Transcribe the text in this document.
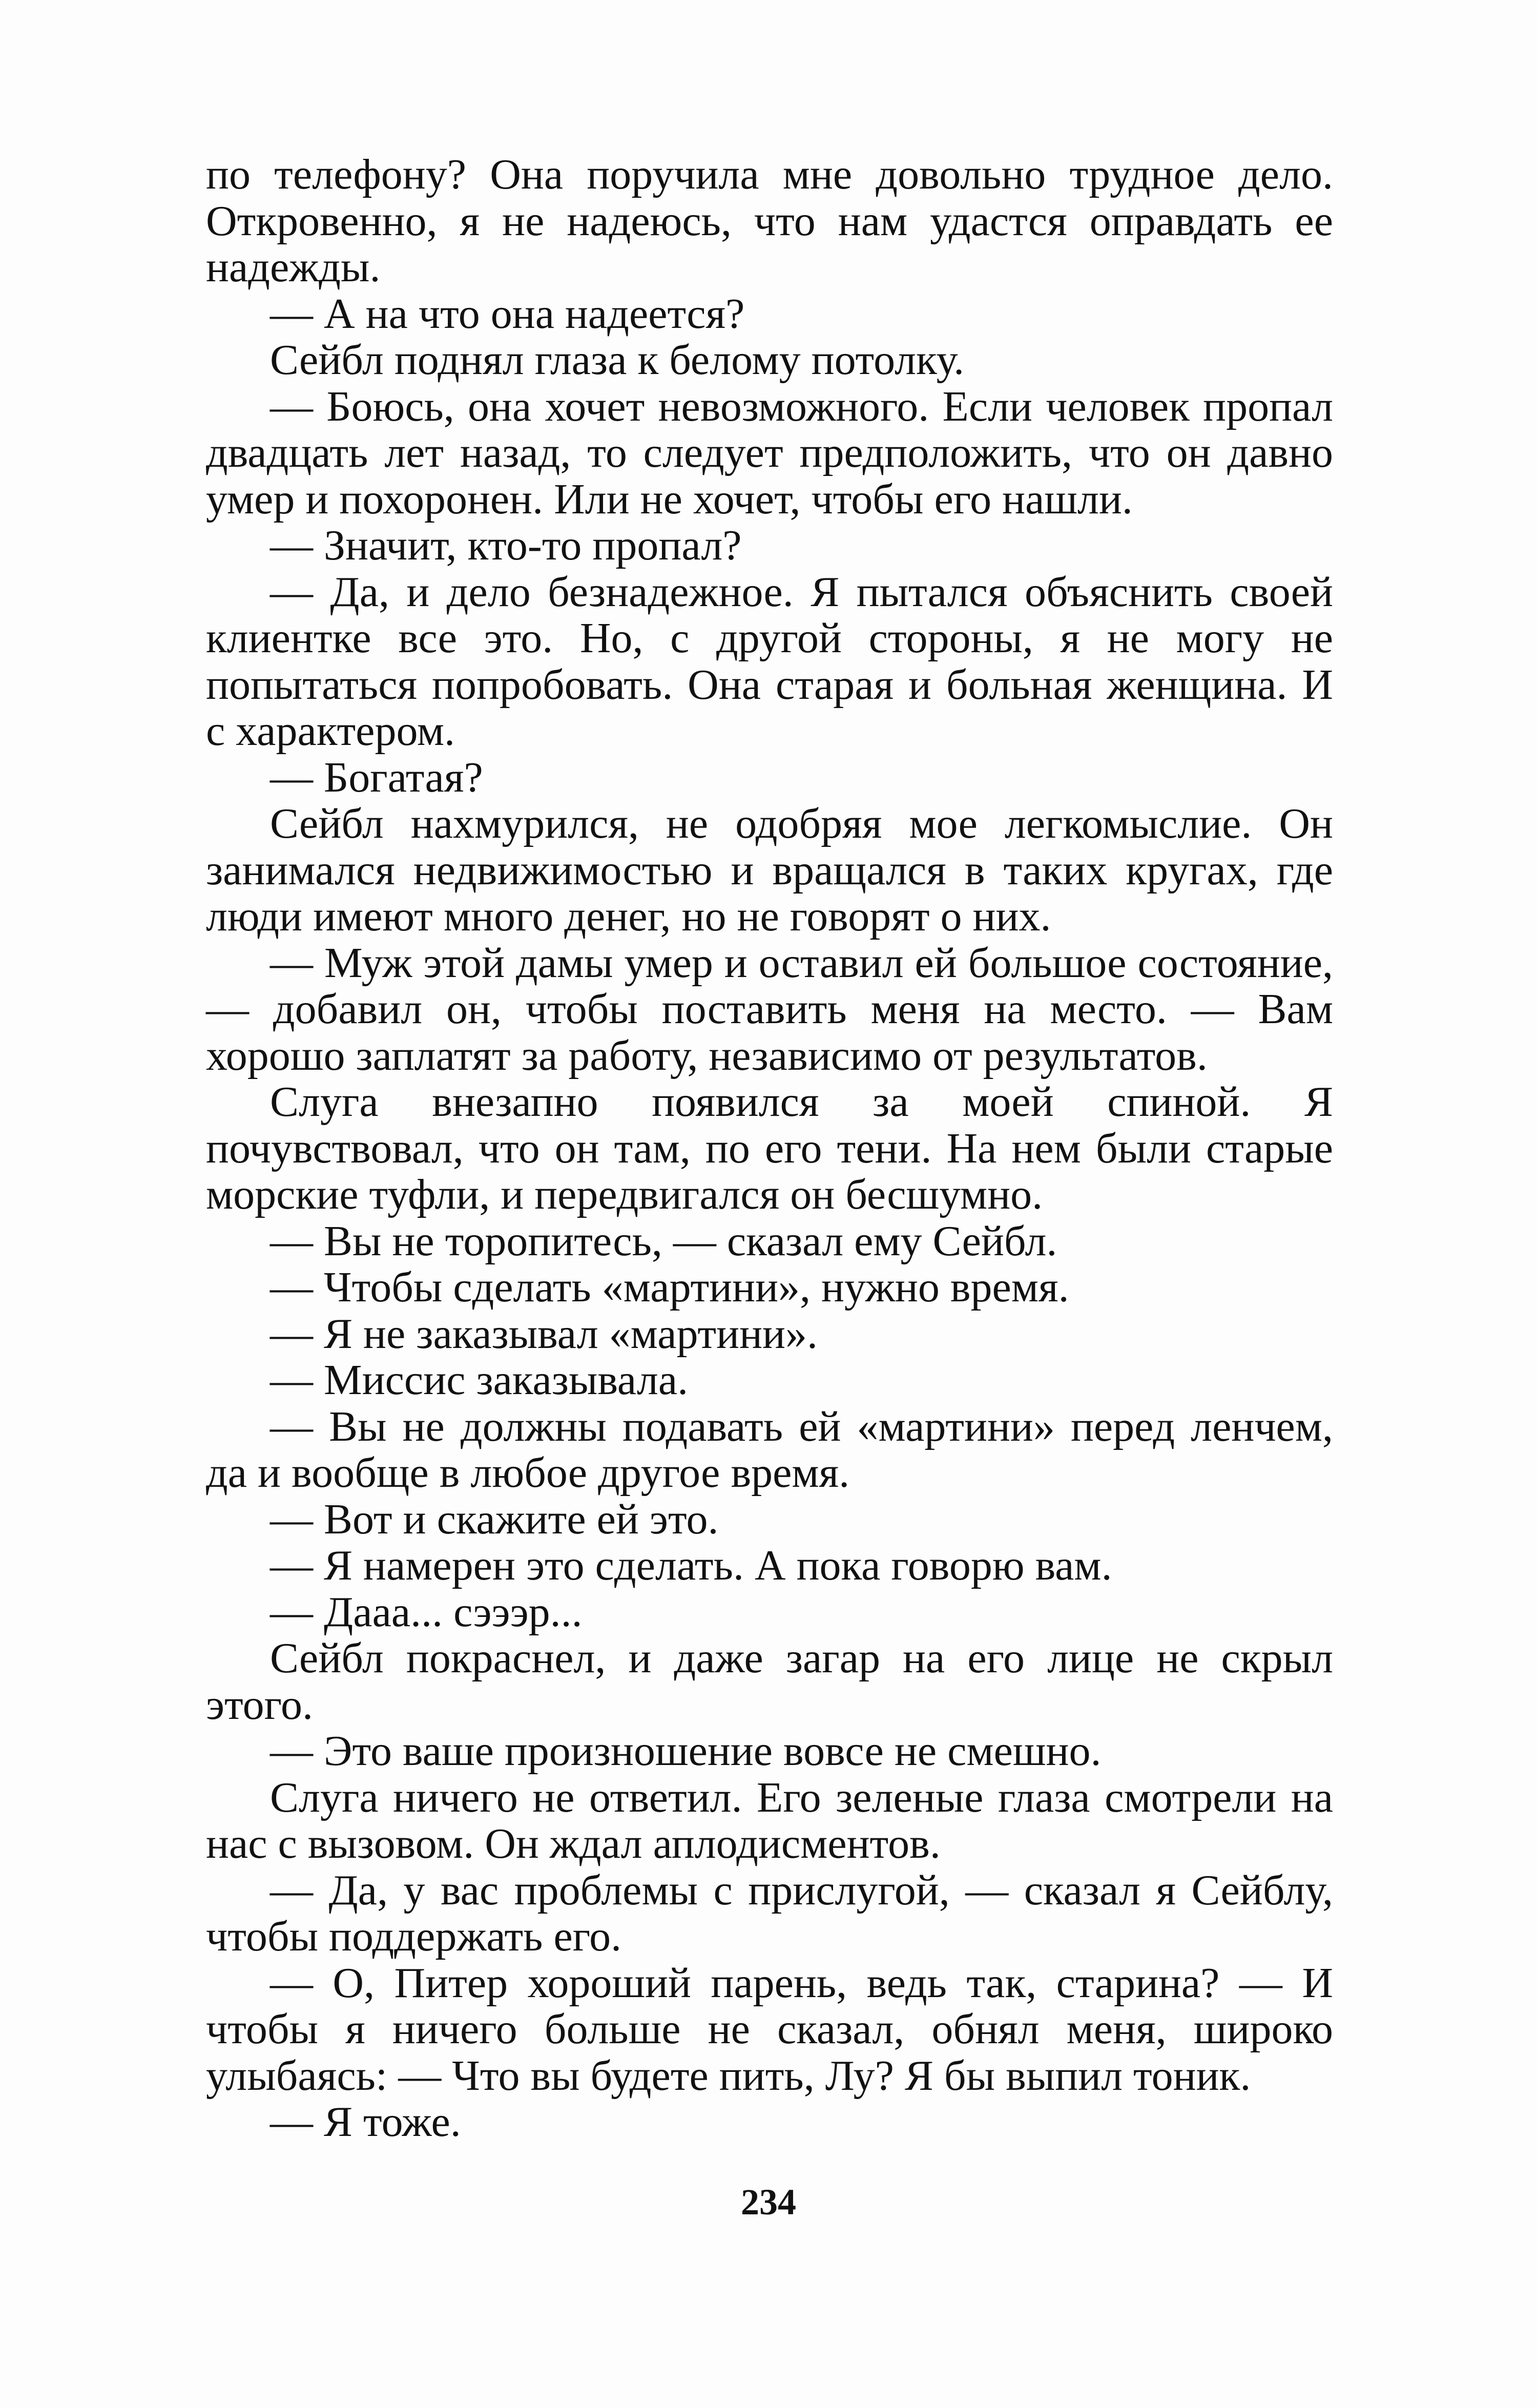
по телефону? Она поручила мне довольно трудное дело. Откровенно, я не надеюсь, что нам удастся оправдать ее надежды.

— А на что она надеется?

Сейбл поднял глаза к белому потолку.

— Боюсь, она хочет невозможного. Если человек пропал двадцать лет назад, то следует предположить, что он давно умер и похоронен. Или не хочет, чтобы его нашли.

— Значит, кто-то пропал?

— Да, и дело безнадежное. Я пытался объяснить своей клиентке все это. Но, с другой стороны, я не могу не попытаться попробовать. Она старая и больная женщина. И с характером.

— Богатая?

Сейбл нахмурился, не одобряя мое легкомыслие. Он занимался недвижимостью и вращался в таких кругах, где люди имеют много денег, но не говорят о них.

— Муж этой дамы умер и оставил ей большое состояние, — добавил он, чтобы поставить меня на место. — Вам хорошо заплатят за работу, независимо от результатов.

Слуга внезапно появился за моей спиной. Я почувствовал, что он там, по его тени. На нем были старые морские туфли, и передвигался он бесшумно.

— Вы не торопитесь, — сказал ему Сейбл.

— Чтобы сделать «мартини», нужно время.

— Я не заказывал «мартини».

— Миссис заказывала.

— Вы не должны подавать ей «мартини» перед ленчем, да и вообще в любое другое время.

— Вот и скажите ей это.

— Я намерен это сделать. А пока говорю вам.

— Дааа... сэээр...

Сейбл покраснел, и даже загар на его лице не скрыл этого.

— Это ваше произношение вовсе не смешно.

Слуга ничего не ответил. Его зеленые глаза смотрели на нас с вызовом. Он ждал аплодисментов.

— Да, у вас проблемы с прислугой, — сказал я Сейблу, чтобы поддержать его.

— О, Питер хороший парень, ведь так, старина? — И чтобы я ничего больше не сказал, обнял меня, широко улыбаясь: — Что вы будете пить, Лу? Я бы выпил тоник.

— Я тоже.

234
